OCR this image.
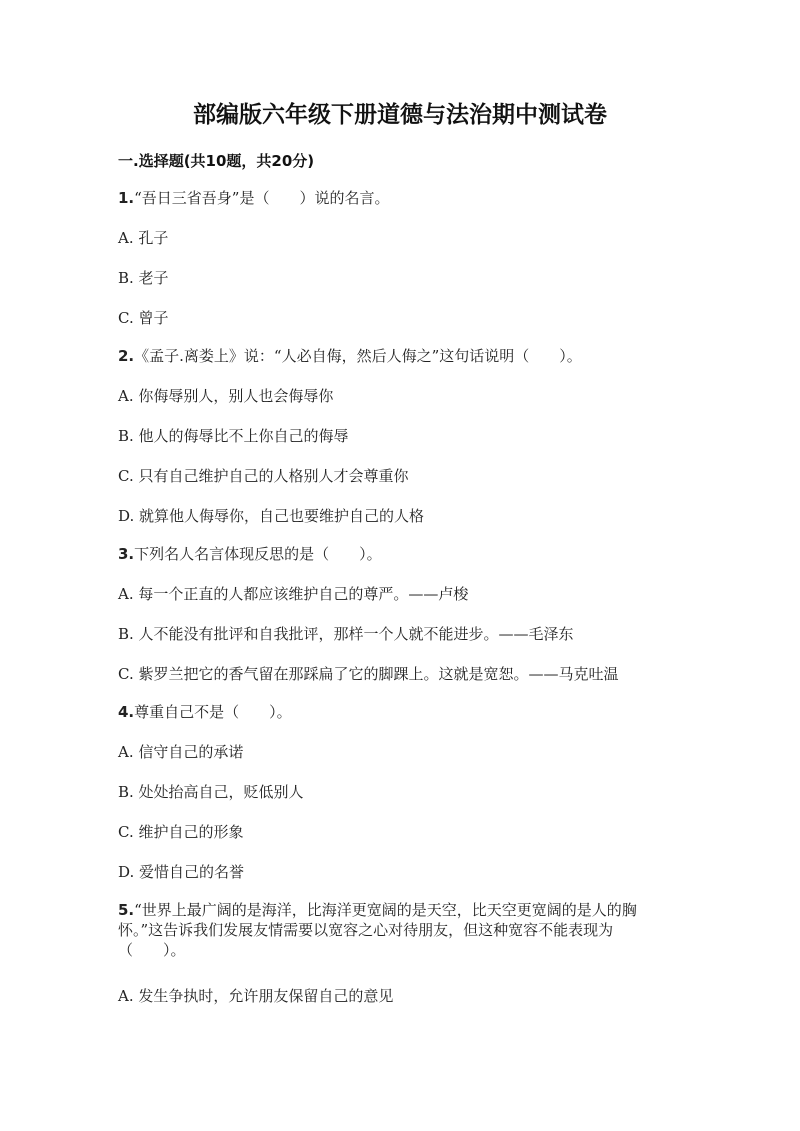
部编版六年级下册道德与法治期中测试卷

一.选择题(共10题，共20分)

1.“吾日三省吾身”是（　　）说的名言。

A. 孔子

B. 老子

C. 曾子

2.《孟子.离娄上》说：“人必自侮，然后人侮之”这句话说明（　　）。

A. 你侮辱别人，别人也会侮辱你

B. 他人的侮辱比不上你自己的侮辱

C. 只有自己维护自己的人格别人才会尊重你

D. 就算他人侮辱你，自己也要维护自己的人格

3.下列名人名言体现反思的是（　　）。

A. 每一个正直的人都应该维护自己的尊严。——卢梭

B. 人不能没有批评和自我批评，那样一个人就不能进步。——毛泽东

C. 紫罗兰把它的香气留在那踩扁了它的脚踝上。这就是宽恕。——马克吐温

4.尊重自己不是（　　）。

A. 信守自己的承诺

B. 处处抬高自己，贬低别人

C. 维护自己的形象

D. 爱惜自己的名誉

5.“世界上最广阔的是海洋，比海洋更宽阔的是天空，比天空更宽阔的是人的胸怀。”这告诉我们发展友情需要以宽容之心对待朋友，但这种宽容不能表现为（　　）。

A. 发生争执时，允许朋友保留自己的意见
